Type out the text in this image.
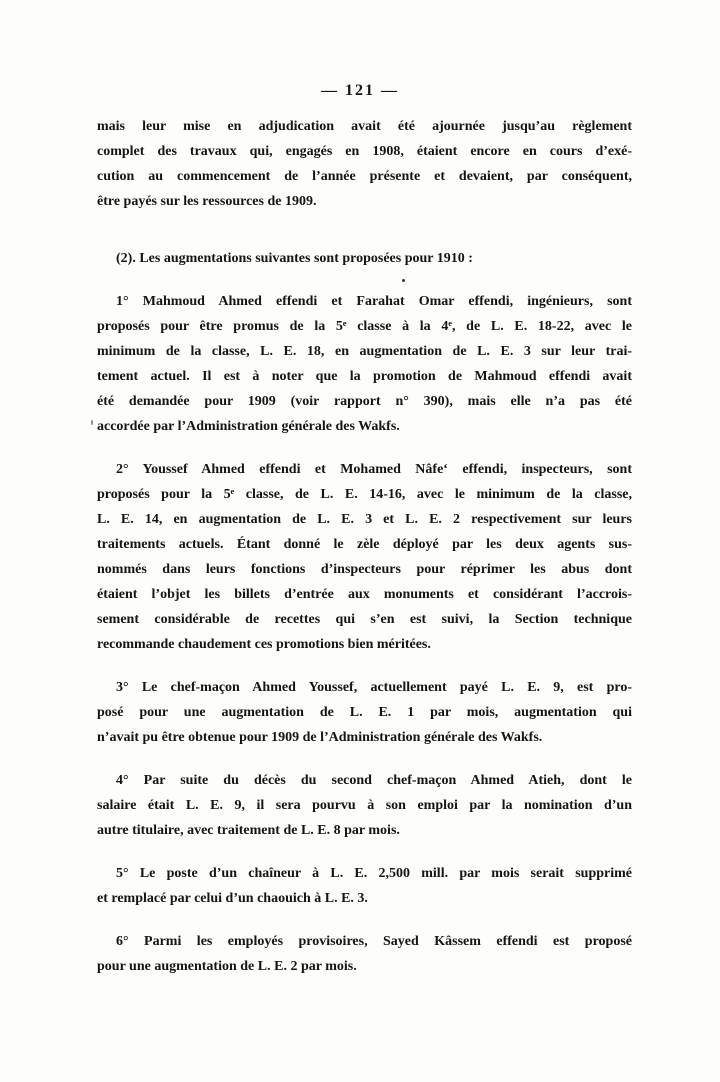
— 121 —
mais leur mise en adjudication avait été ajournée jusqu’au règlement
complet des travaux qui, engagés en 1908, étaient encore en cours d’exé-
cution au commencement de l’année présente et devaient, par conséquent,
être payés sur les ressources de 1909.
(2). Les augmentations suivantes sont proposées pour 1910 :
1° Mahmoud Ahmed effendi et Farahat Omar effendi, ingénieurs, sont
proposés pour être promus de la 5ᵉ classe à la 4ᵉ, de L. E. 18-22, avec le
minimum de la classe, L. E. 18, en augmentation de L. E. 3 sur leur trai-
tement actuel. Il est à noter que la promotion de Mahmoud effendi avait
été demandée pour 1909 (voir rapport n° 390), mais elle n’a pas été
accordée par l’Administration générale des Wakfs.
2° Youssef Ahmed effendi et Mohamed Nâfe‘ effendi, inspecteurs, sont
proposés pour la 5ᵉ classe, de L. E. 14-16, avec le minimum de la classe,
L. E. 14, en augmentation de L. E. 3 et L. E. 2 respectivement sur leurs
traitements actuels. Étant donné le zèle déployé par les deux agents sus-
nommés dans leurs fonctions d’inspecteurs pour réprimer les abus dont
étaient l’objet les billets d’entrée aux monuments et considérant l’accrois-
sement considérable de recettes qui s’en est suivi, la Section technique
recommande chaudement ces promotions bien méritées.
3° Le chef-maçon Ahmed Youssef, actuellement payé L. E. 9, est pro-
posé pour une augmentation de L. E. 1 par mois, augmentation qui
n’avait pu être obtenue pour 1909 de l’Administration générale des Wakfs.
4° Par suite du décès du second chef-maçon Ahmed Atieh, dont le
salaire était L. E. 9, il sera pourvu à son emploi par la nomination d’un
autre titulaire, avec traitement de L. E. 8 par mois.
5° Le poste d’un chaîneur à L. E. 2,500 mill. par mois serait supprimé
et remplacé par celui d’un chaouich à L. E. 3.
6° Parmi les employés provisoires, Sayed Kâssem effendi est proposé
pour une augmentation de L. E. 2 par mois.
